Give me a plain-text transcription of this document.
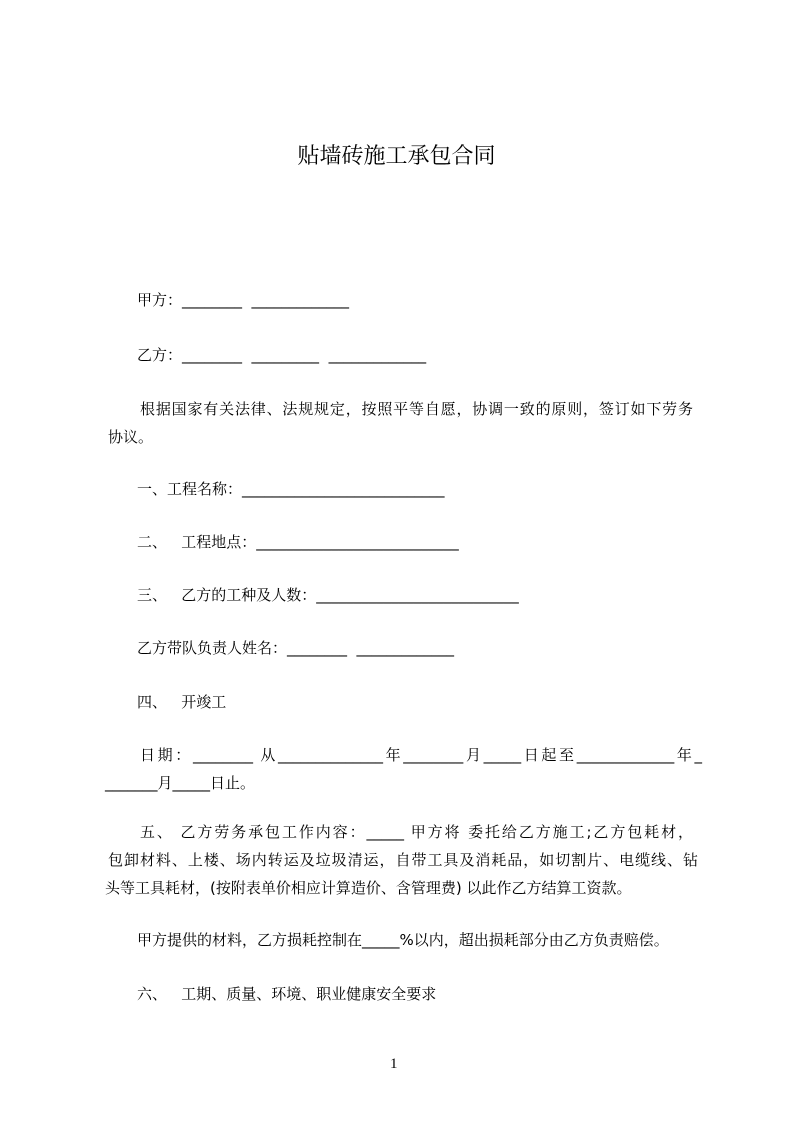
贴墙砖施工承包合同
甲方：________  _____________
乙方：________  _________  _____________
根据国家有关法律、法规规定，按照平等自愿，协调一致的原则，签订如下劳务
协议。
一、工程名称：___________________________
二、   工程地点：___________________________
三、   乙方的工种及人数：___________________________
乙方带队负责人姓名：________  _____________
四、   开竣工
日期：________ 从______________年________月_____日起至_____________年_
_______月_____日止。
五、 乙方劳务承包工作内容：_____ 甲方将 委托给乙方施工;乙方包耗材，
包卸材料、上楼、场内转运及垃圾清运，自带工具及消耗品，如切割片、电缆线、钻
头等工具耗材，(按附表单价相应计算造价、含管理费) 以此作乙方结算工资款。
甲方提供的材料，乙方损耗控制在_____%以内，超出损耗部分由乙方负责赔偿。
六、   工期、质量、环境、职业健康安全要求
1
